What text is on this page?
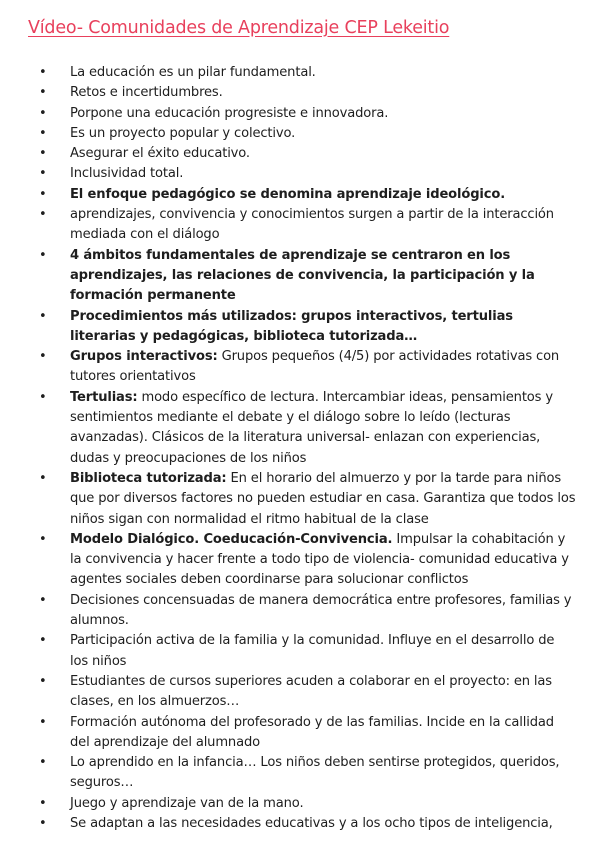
Vídeo- Comunidades de Aprendizaje CEP Lekeitio
• La educación es un pilar fundamental.
• Retos e incertidumbres.
• Porpone una educación progresiste e innovadora.
• Es un proyecto popular y colectivo.
• Asegurar el éxito educativo.
• Inclusividad total.
• El enfoque pedagógico se denomina aprendizaje ideológico.
• aprendizajes, convivencia y conocimientos surgen a partir de la interacción mediada con el diálogo
• 4 ámbitos fundamentales de aprendizaje se centraron en los aprendizajes, las relaciones de convivencia, la participación y la formación permanente
• Procedimientos más utilizados: grupos interactivos, tertulias literarias y pedagógicas, biblioteca tutorizada…
• Grupos interactivos: Grupos pequeños (4/5) por actividades rotativas con tutores orientativos
• Tertulias: modo específico de lectura. Intercambiar ideas, pensamientos y sentimientos mediante el debate y el diálogo sobre lo leído (lecturas avanzadas). Clásicos de la literatura universal- enlazan con experiencias, dudas y preocupaciones de los niños
• Biblioteca tutorizada: En el horario del almuerzo y por la tarde para niños que por diversos factores no pueden estudiar en casa. Garantiza que todos los niños sigan con normalidad el ritmo habitual de la clase
• Modelo Dialógico. Coeducación-Convivencia. Impulsar la cohabitación y la convivencia y hacer frente a todo tipo de violencia- comunidad educativa y agentes sociales deben coordinarse para solucionar conflictos
• Decisiones concensuadas de manera democrática entre profesores, familias y alumnos.
• Participación activa de la familia y la comunidad. Influye en el desarrollo de los niños
• Estudiantes de cursos superiores acuden a colaborar en el proyecto: en las clases, en los almuerzos…
• Formación autónoma del profesorado y de las familias. Incide en la callidad del aprendizaje del alumnado
• Lo aprendido en la infancia… Los niños deben sentirse protegidos, queridos, seguros…
• Juego y aprendizaje van de la mano.
• Se adaptan a las necesidades educativas y a los ocho tipos de inteligencia,
